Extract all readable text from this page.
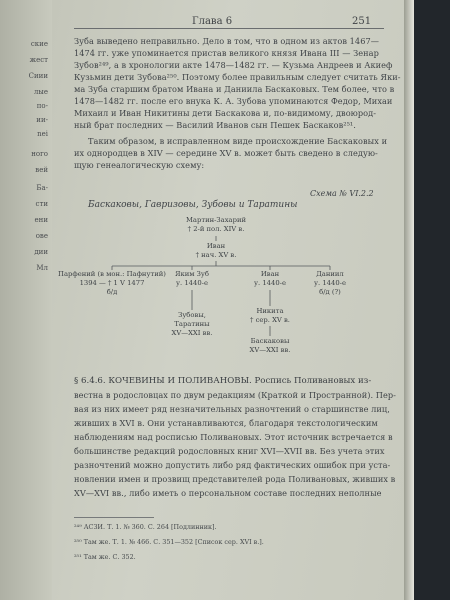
ские
жест
Сиии
лые
по-
ии-
nei
ного
вей
Ба-
сти
ени
ове
дии
Мл
Глава 6	251
Зуба выведено неправильно. Дело в том, что в одном из актов 1467—
1474 гг. уже упоминается пристав великого князя Ивана III — Зенар
Зубов²⁴⁹, а в хронологии акте 1478—1482 гг. — Кузьма Андреев и Акиеф
Кузьмин дети Зубова²⁵⁰. Поэтому более правильным следует считать Яки-
ма Зуба старшим братом Ивана и Даниила Баскаковых. Тем более, что в
1478—1482 гг. после его внука К. А. Зубова упоминаются Федор, Михаи
Михаил и Иван Никитины дети Баскакова и, по-видимому, двоюрод-
ный брат последних — Василий Иванов сын Пешек Баскаков²⁵¹.
Таким образом, в исправленном виде происхождение Баскаковых и
их однородцев в XIV — середине XV в. может быть сведено в следую-
щую генеалогическую схему:
Схема № VI.2.2
Баскаковы, Гавризовы, Зубовы и Таратины
Мартин-Захарий
† 2-й пол. XIV в.
Иван
† нач. XV в.
Парфений (в мон.: Пафнутий)
1394 — † 1 V 1477
б/д
Яким Зуб
у. 1440-е
Иван
у. 1440-е
Даниил
у. 1440-е
б/д (?)
Зубовы,
Таратины
XV—XXI вв.
Никита
† сер. XV в.
Баскаковы
XV—XXI вв.
§ 6.4.6. КОЧЕВИНЫ И ПОЛИВАНОВЫ. Роспись Поливановых из-
вестна в родословцах по двум редакциям (Краткой и Пространной). Пер-
вая из них имеет ряд незначительных разночтений о старшинстве лиц,
живших в XVI в. Они устанавливаются, благодаря текстологическим
наблюдениям над росписью Поливановых. Этот источник встречается в
большинстве редакций родословных книг XVI—XVII вв. Без учета этих
разночтений можно допустить либо ряд фактических ошибок при уста-
новлении имен и прозвищ представителей рода Поливановых, живших в
XV—XVI вв., либо иметь о персональном составе последних неполные
²⁴⁹ АСЗИ. Т. 1. № 360. С. 264 [Подлинник].
²⁵⁰ Там же. Т. 1. № 466. С. 351—352 [Список сер. XVI в.].
²⁵¹ Там же. С. 352.
